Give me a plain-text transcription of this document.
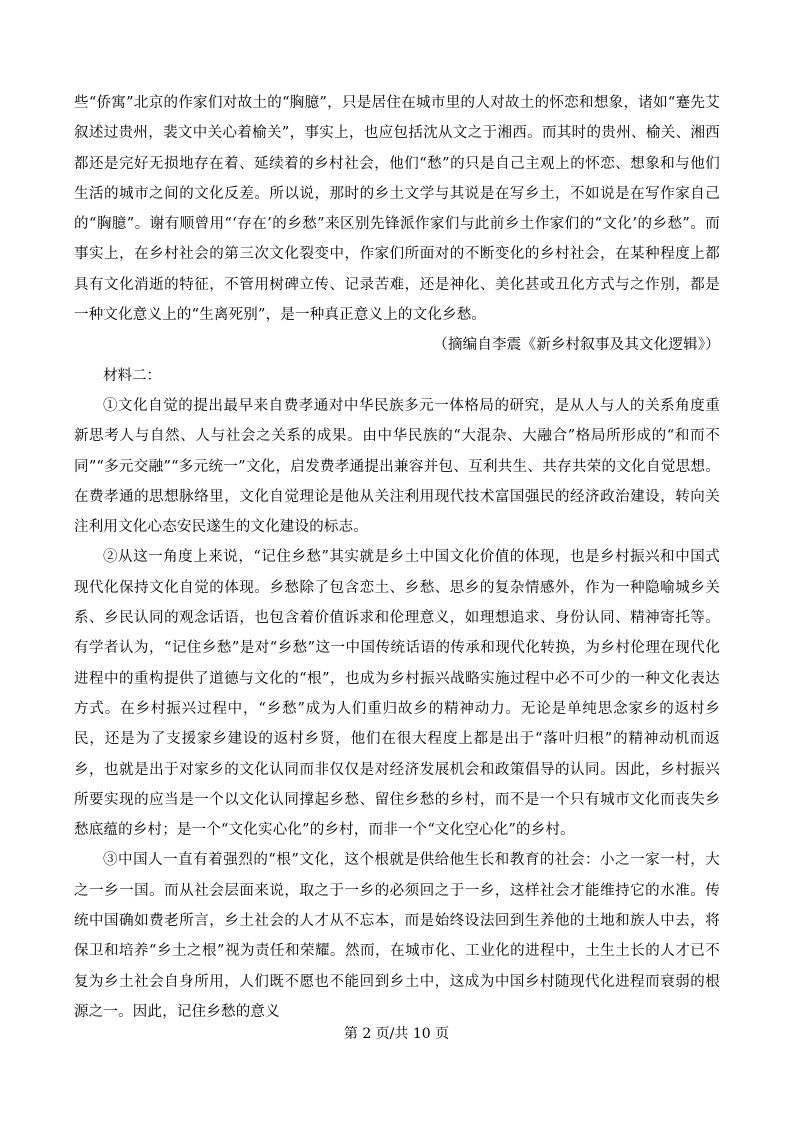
些“侨寓”北京的作家们对故土的“胸臆”，只是居住在城市里的人对故土的怀恋和想象，诸如“蹇先艾叙述过贵州，裴文中关心着榆关”，事实上，也应包括沈从文之于湘西。而其时的贵州、榆关、湘西都还是完好无损地存在着、延续着的乡村社会，他们“愁”的只是自己主观上的怀恋、想象和与他们生活的城市之间的文化反差。所以说，那时的乡土文学与其说是在写乡土，不如说是在写作家自己的“胸臆”。谢有顺曾用“‘存在’的乡愁”来区别先锋派作家们与此前乡土作家们的“文化’的乡愁”。而事实上，在乡村社会的第三次文化裂变中，作家们所面对的不断变化的乡村社会，在某种程度上都具有文化消逝的特征，不管用树碑立传、记录苦难，还是神化、美化甚或丑化方式与之作别，都是一种文化意义上的“生离死别”，是一种真正意义上的文化乡愁。

（摘编自李震《新乡村叙事及其文化逻辑》）

材料二：

①文化自觉的提出最早来自费孝通对中华民族多元一体格局的研究，是从人与人的关系角度重新思考人与自然、人与社会之关系的成果。由中华民族的“大混杂、大融合”格局所形成的“和而不同”“多元交融”“多元统一”文化，启发费孝通提出兼容并包、互利共生、共存共荣的文化自觉思想。在费孝通的思想脉络里，文化自觉理论是他从关注利用现代技术富国强民的经济政治建设，转向关注利用文化心态安民遂生的文化建设的标志。

②从这一角度上来说，“记住乡愁”其实就是乡土中国文化价值的体现，也是乡村振兴和中国式现代化保持文化自觉的体现。乡愁除了包含恋土、乡愁、思乡的复杂情感外，作为一种隐喻城乡关系、乡民认同的观念话语，也包含着价值诉求和伦理意义，如理想追求、身份认同、精神寄托等。有学者认为，“记住乡愁”是对“乡愁”这一中国传统话语的传承和现代化转换，为乡村伦理在现代化进程中的重构提供了道德与文化的“根”，也成为乡村振兴战略实施过程中必不可少的一种文化表达方式。在乡村振兴过程中，“乡愁”成为人们重归故乡的精神动力。无论是单纯思念家乡的返村乡民，还是为了支援家乡建设的返村乡贤，他们在很大程度上都是出于“落叶归根”的精神动机而返乡，也就是出于对家乡的文化认同而非仅仅是对经济发展机会和政策倡导的认同。因此，乡村振兴所要实现的应当是一个以文化认同撑起乡愁、留住乡愁的乡村，而不是一个只有城市文化而丧失乡愁底蕴的乡村；是一个“文化实心化”的乡村，而非一个“文化空心化”的乡村。

③中国人一直有着强烈的“根”文化，这个根就是供给他生长和教育的社会：小之一家一村，大之一乡一国。而从社会层面来说，取之于一乡的必须回之于一乡，这样社会才能维持它的水准。传统中国确如费老所言，乡土社会的人才从不忘本，而是始终设法回到生养他的土地和族人中去，将保卫和培养“乡土之根”视为责任和荣耀。然而，在城市化、工业化的进程中，土生土长的人才已不复为乡土社会自身所用，人们既不愿也不能回到乡土中，这成为中国乡村随现代化进程而衰弱的根源之一。因此，记住乡愁的意义

第 2 页/共 10 页
